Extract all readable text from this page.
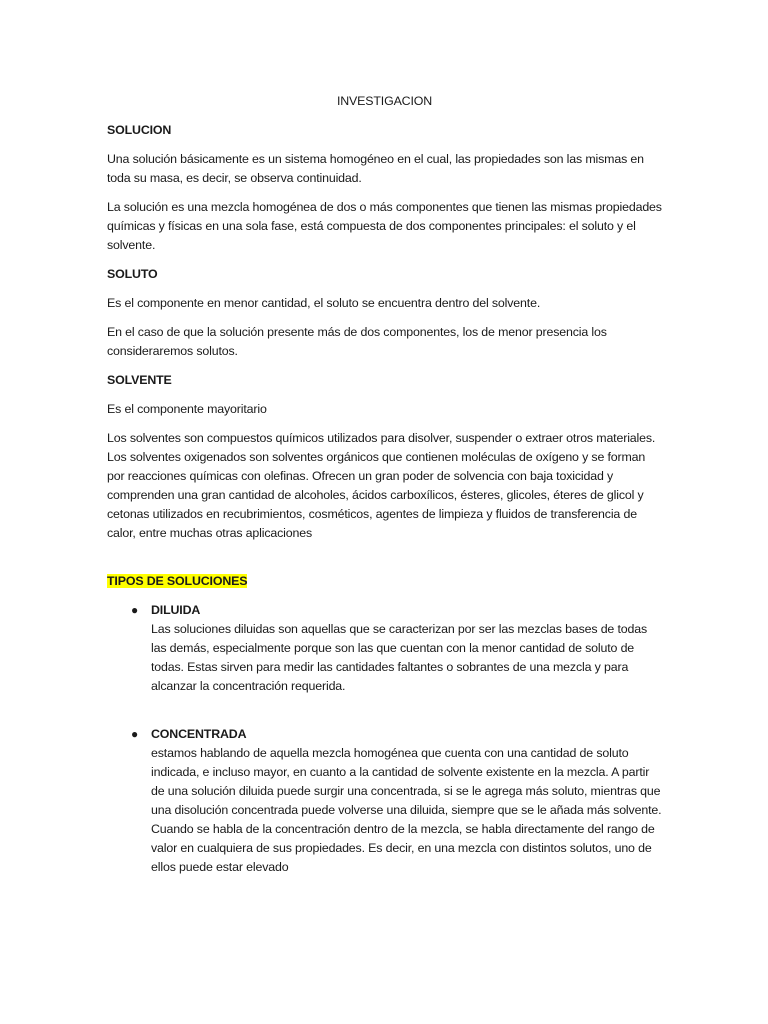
INVESTIGACION
SOLUCION

Una solución básicamente es un sistema homogéneo en el cual, las propiedades son las mismas en toda su masa, es decir, se observa continuidad.

La solución es una mezcla homogénea de dos o más componentes que tienen las mismas propiedades químicas y físicas en una sola fase, está compuesta de dos componentes principales: el soluto y el solvente.

SOLUTO

Es el componente en menor cantidad, el soluto se encuentra dentro del solvente.

En el caso de que la solución presente más de dos componentes, los de menor presencia los consideraremos solutos.

SOLVENTE

Es el componente mayoritario

Los solventes son compuestos químicos utilizados para disolver, suspender o extraer otros materiales. Los solventes oxigenados son solventes orgánicos que contienen moléculas de oxígeno y se forman por reacciones químicas con olefinas. Ofrecen un gran poder de solvencia con baja toxicidad y comprenden una gran cantidad de alcoholes, ácidos carboxílicos, ésteres, glicoles, éteres de glicol y cetonas utilizados en recubrimientos, cosméticos, agentes de limpieza y fluidos de transferencia de calor, entre muchas otras aplicaciones

TIPOS DE SOLUCIONES
● DILUIDA
Las soluciones diluidas son aquellas que se caracterizan por ser las mezclas bases de todas las demás, especialmente porque son las que cuentan con la menor cantidad de soluto de todas. Estas sirven para medir las cantidades faltantes o sobrantes de una mezcla y para alcanzar la concentración requerida.
● CONCENTRADA
estamos hablando de aquella mezcla homogénea que cuenta con una cantidad de soluto indicada, e incluso mayor, en cuanto a la cantidad de solvente existente en la mezcla. A partir de una solución diluida puede surgir una concentrada, si se le agrega más soluto, mientras que una disolución concentrada puede volverse una diluida, siempre que se le añada más solvente. Cuando se habla de la concentración dentro de la mezcla, se habla directamente del rango de valor en cualquiera de sus propiedades. Es decir, en una mezcla con distintos solutos, uno de ellos puede estar elevado
